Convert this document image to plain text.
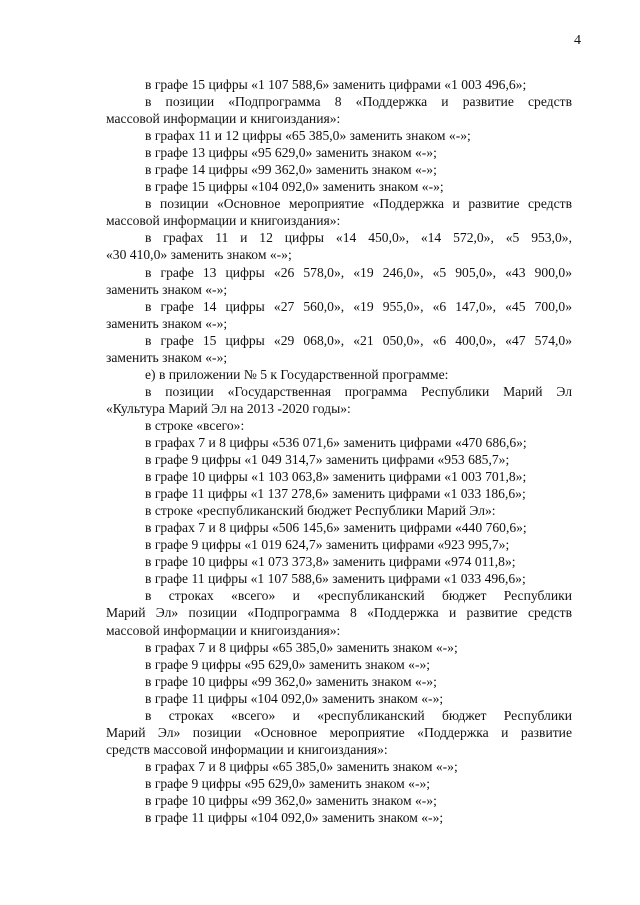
4
в графе 15 цифры «1 107 588,6» заменить цифрами «1 003 496,6»;
в позиции «Подпрограмма 8 «Поддержка и развитие средств
массовой информации и книгоиздания»:
в графах 11 и 12 цифры «65 385,0» заменить знаком «-»;
в графе 13 цифры «95 629,0» заменить знаком «-»;
в графе 14 цифры «99 362,0» заменить знаком «-»;
в графе 15 цифры «104 092,0» заменить знаком «-»;
в позиции «Основное мероприятие «Поддержка и развитие средств
массовой информации и книгоиздания»:
в графах 11 и 12 цифры «14 450,0», «14 572,0», «5 953,0»,
«30 410,0» заменить знаком «-»;
в графе 13 цифры «26 578,0», «19 246,0», «5 905,0», «43 900,0»
заменить знаком «-»;
в графе 14 цифры «27 560,0», «19 955,0», «6 147,0», «45 700,0»
заменить знаком «-»;
в графе 15 цифры «29 068,0», «21 050,0», «6 400,0», «47 574,0»
заменить знаком «-»;
е) в приложении № 5 к Государственной программе:
в позиции «Государственная программа Республики Марий Эл
«Культура Марий Эл на 2013 -2020 годы»:
в строке «всего»:
в графах 7 и 8 цифры «536 071,6» заменить цифрами «470 686,6»;
в графе 9 цифры «1 049 314,7» заменить цифрами «953 685,7»;
в графе 10 цифры «1 103 063,8» заменить цифрами «1 003 701,8»;
в графе 11 цифры «1 137 278,6» заменить цифрами «1 033 186,6»;
в строке «республиканский бюджет Республики Марий Эл»:
в графах 7 и 8 цифры «506 145,6» заменить цифрами «440 760,6»;
в графе 9 цифры «1 019 624,7» заменить цифрами «923 995,7»;
в графе 10 цифры «1 073 373,8» заменить цифрами «974 011,8»;
в графе 11 цифры «1 107 588,6» заменить цифрами «1 033 496,6»;
в строках «всего» и «республиканский бюджет Республики
Марий Эл» позиции «Подпрограмма 8 «Поддержка и развитие средств
массовой информации и книгоиздания»:
в графах 7 и 8 цифры «65 385,0» заменить знаком «-»;
в графе 9 цифры «95 629,0» заменить знаком «-»;
в графе 10 цифры «99 362,0» заменить знаком «-»;
в графе 11 цифры «104 092,0» заменить знаком «-»;
в строках «всего» и «республиканский бюджет Республики
Марий Эл» позиции «Основное мероприятие «Поддержка и развитие
средств массовой информации и книгоиздания»:
в графах 7 и 8 цифры «65 385,0» заменить знаком «-»;
в графе 9 цифры «95 629,0» заменить знаком «-»;
в графе 10 цифры «99 362,0» заменить знаком «-»;
в графе 11 цифры «104 092,0» заменить знаком «-»;
